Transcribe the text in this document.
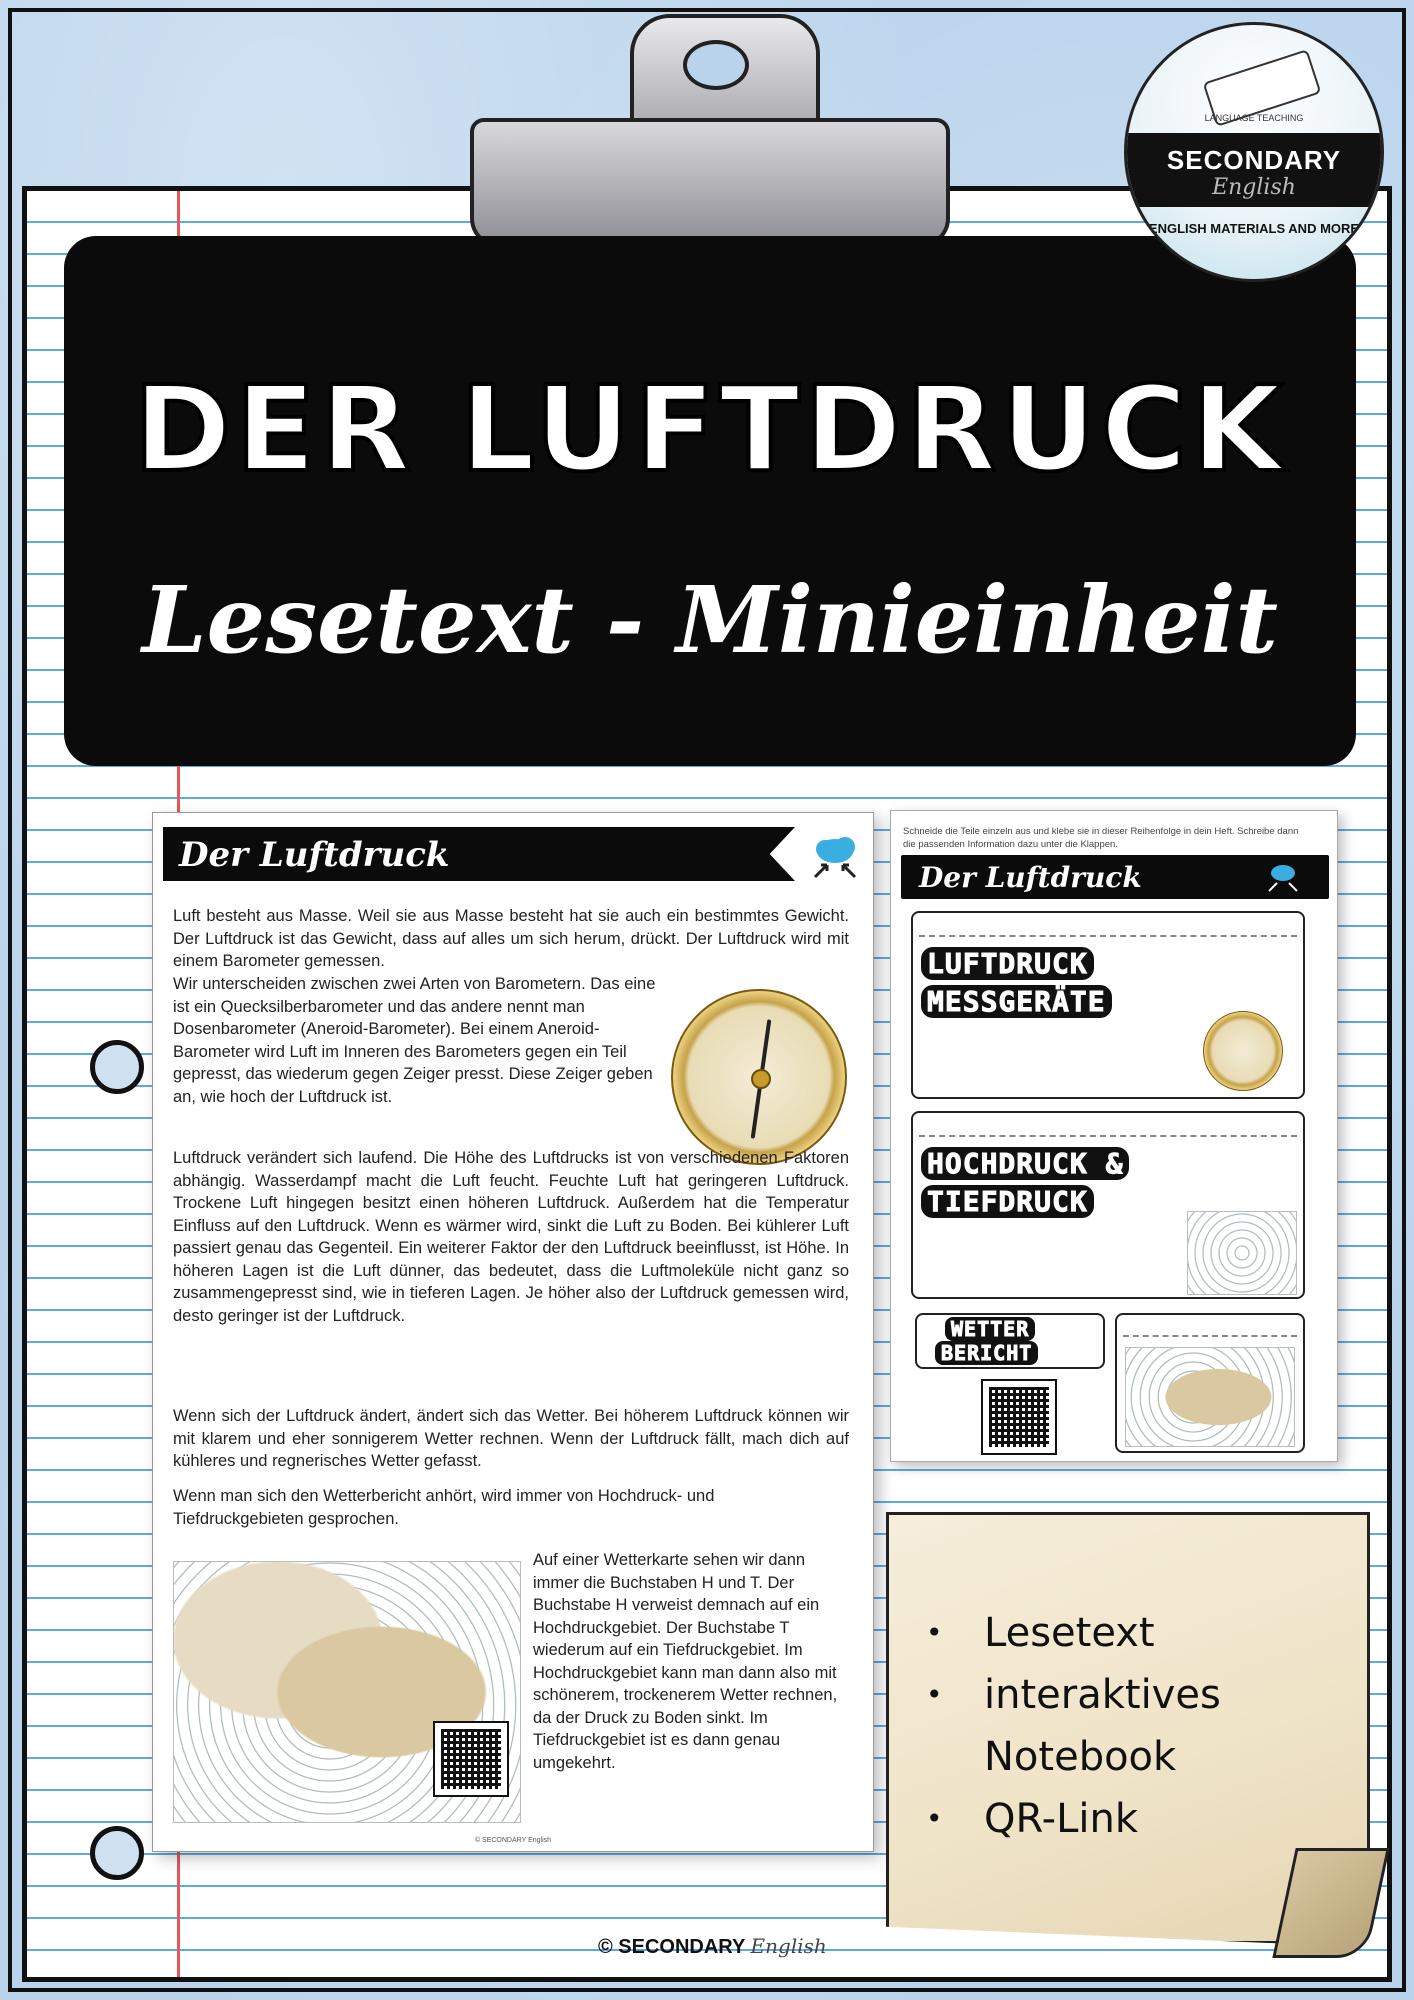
DER LUFTDRUCK
Lesetext - Minieinheit
LANGUAGE TEACHING
SECONDARY
English
ENGLISH MATERIALS AND MORE
Der Luftdruck
Luft besteht aus Masse. Weil sie aus Masse besteht hat sie auch ein bestimmtes Gewicht. Der Luftdruck ist das Gewicht, dass auf alles um sich herum, drückt. Der Luftdruck wird mit einem Barometer gemessen.
Wir unterscheiden zwischen zwei Arten von Barometern. Das eine ist ein Quecksilberbarometer und das andere nennt man Dosenbarometer (Aneroid-Barometer). Bei einem Aneroid-Barometer wird Luft im Inneren des Barometers gegen ein Teil gepresst, das wiederum gegen Zeiger presst. Diese Zeiger geben an, wie hoch der Luftdruck ist.
Luftdruck verändert sich laufend. Die Höhe des Luftdrucks ist von verschiedenen Faktoren abhängig. Wasserdampf macht die Luft feucht. Feuchte Luft hat geringeren Luftdruck. Trockene Luft hingegen besitzt einen höheren Luftdruck. Außerdem hat die Temperatur Einfluss auf den Luftdruck. Wenn es wärmer wird, sinkt die Luft zu Boden. Bei kühlerer Luft passiert genau das Gegenteil. Ein weiterer Faktor der den Luftdruck beeinflusst, ist Höhe. In höheren Lagen ist die Luft dünner, das bedeutet, dass die Luftmoleküle nicht ganz so zusammengepresst sind, wie in tieferen Lagen. Je höher also der Luftdruck gemessen wird, desto geringer ist der Luftdruck.
Wenn sich der Luftdruck ändert, ändert sich das Wetter. Bei höherem Luftdruck können wir mit klarem und eher sonnigerem Wetter rechnen. Wenn der Luftdruck fällt, mach dich auf kühleres und regnerisches Wetter gefasst.
Wenn man sich den Wetterbericht anhört, wird immer von Hochdruck- und Tiefdruckgebieten gesprochen.
Auf einer Wetterkarte sehen wir dann immer die Buchstaben H und T. Der Buchstabe H verweist demnach auf ein Hochdruckgebiet. Der Buchstabe T wiederum auf ein Tiefdruckgebiet. Im Hochdruckgebiet kann man dann also mit schönerem, trockenerem Wetter rechnen, da der Druck zu Boden sinkt. Im Tiefdruckgebiet ist es dann genau umgekehrt.
© SECONDARY English
Schneide die Teile einzeln aus und klebe sie in dieser Reihenfolge in dein Heft. Schreibe dann die passenden Information dazu unter die Klappen.
Der Luftdruck
LUFTDRUCK
MESSGERÄTE
HOCHDRUCK &
TIEFDRUCK
WETTER
BERICHT
• Lesetext
• interaktives Notebook
• QR-Link
© SECONDARY English
